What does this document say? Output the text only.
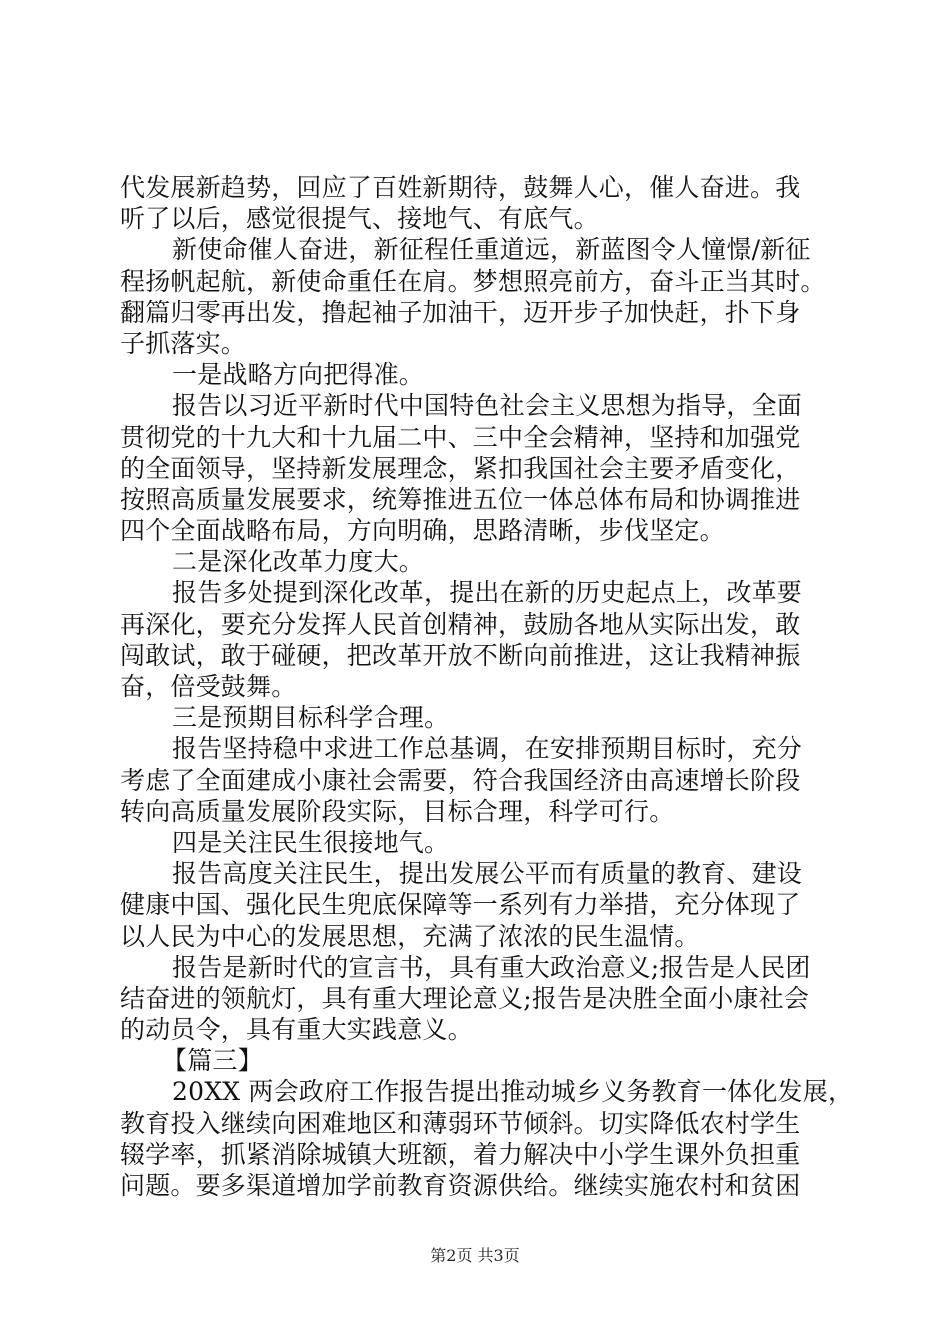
代发展新趋势，回应了百姓新期待，鼓舞人心，催人奋进。我
听了以后，感觉很提气、接地气、有底气。
新使命催人奋进，新征程任重道远，新蓝图令人憧憬/新征
程扬帆起航，新使命重任在肩。梦想照亮前方，奋斗正当其时。
翻篇归零再出发，撸起袖子加油干，迈开步子加快赶，扑下身
子抓落实。
一是战略方向把得准。
报告以习近平新时代中国特色社会主义思想为指导，全面
贯彻党的十九大和十九届二中、三中全会精神，坚持和加强党
的全面领导，坚持新发展理念，紧扣我国社会主要矛盾变化，
按照高质量发展要求，统筹推进五位一体总体布局和协调推进
四个全面战略布局，方向明确，思路清晰，步伐坚定。
二是深化改革力度大。
报告多处提到深化改革，提出在新的历史起点上，改革要
再深化，要充分发挥人民首创精神，鼓励各地从实际出发，敢
闯敢试，敢于碰硬，把改革开放不断向前推进，这让我精神振
奋，倍受鼓舞。
三是预期目标科学合理。
报告坚持稳中求进工作总基调，在安排预期目标时，充分
考虑了全面建成小康社会需要，符合我国经济由高速增长阶段
转向高质量发展阶段实际，目标合理，科学可行。
四是关注民生很接地气。
报告高度关注民生，提出发展公平而有质量的教育、建设
健康中国、强化民生兜底保障等一系列有力举措，充分体现了
以人民为中心的发展思想，充满了浓浓的民生温情。
报告是新时代的宣言书，具有重大政治意义;报告是人民团
结奋进的领航灯，具有重大理论意义;报告是决胜全面小康社会
的动员令，具有重大实践意义。
【篇三】
20XX 两会政府工作报告提出推动城乡义务教育一体化发展，
教育投入继续向困难地区和薄弱环节倾斜。切实降低农村学生
辍学率，抓紧消除城镇大班额，着力解决中小学生课外负担重
问题。要多渠道增加学前教育资源供给。继续实施农村和贫困
第2页 共3页
